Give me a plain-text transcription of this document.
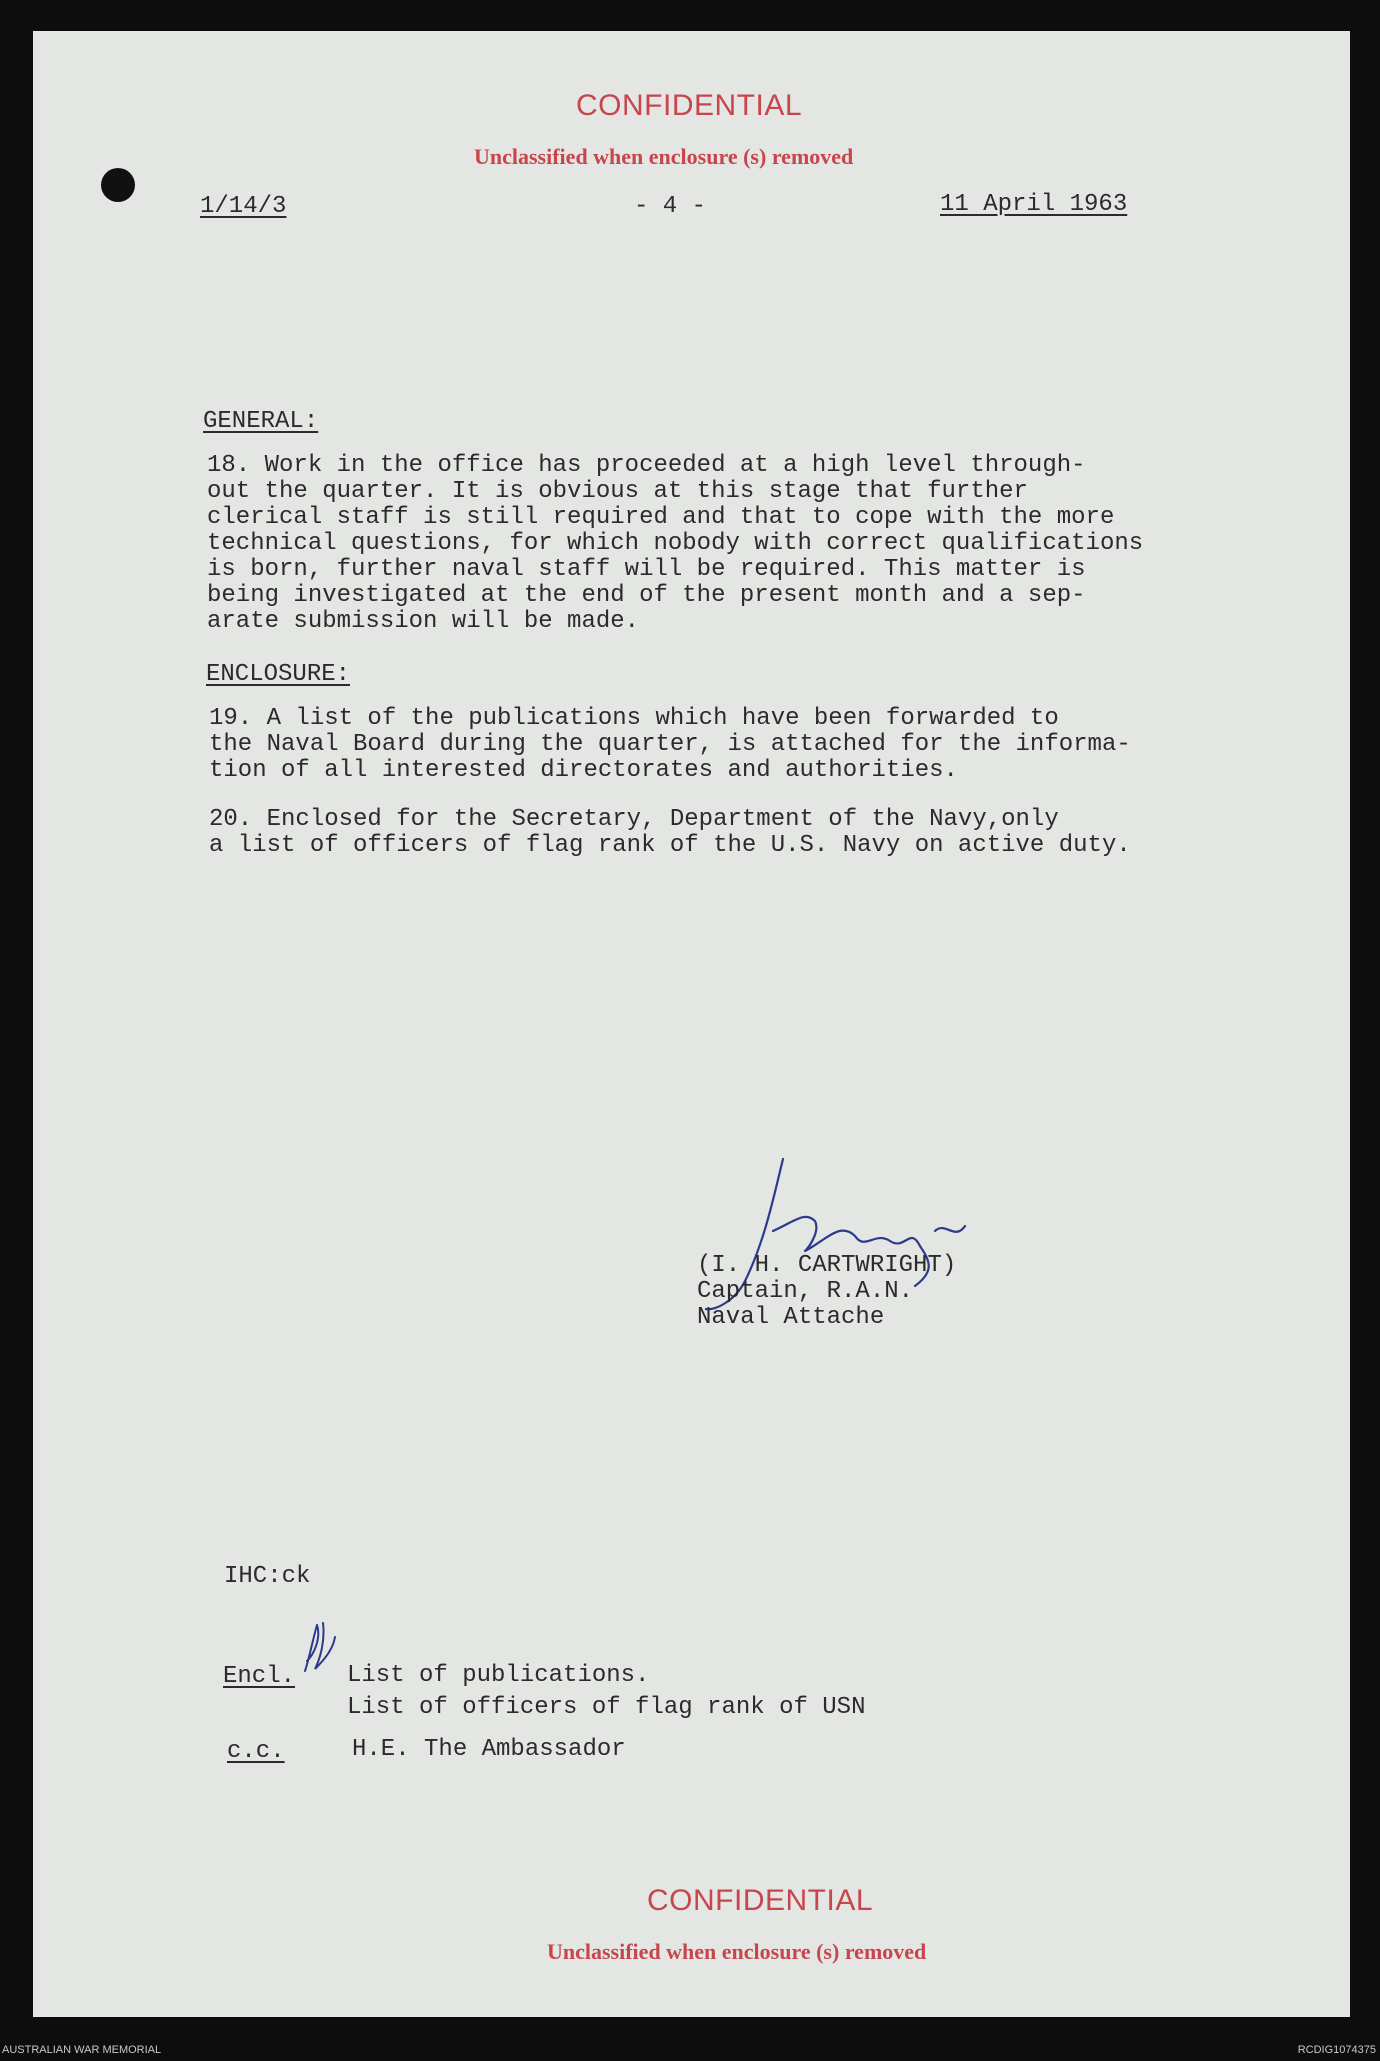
CONFIDENTIAL
Unclassified when enclosure (s) removed
1/14/3	- 4 -	11 April 1963
GENERAL:
18. Work in the office has proceeded at a high level through-
out the quarter. It is obvious at this stage that further
clerical staff is still required and that to cope with the more
technical questions, for which nobody with correct qualifications
is born, further naval staff will be required. This matter is
being investigated at the end of the present month and a sep-
arate submission will be made.
ENCLOSURE:
19. A list of the publications which have been forwarded to
the Naval Board during the quarter, is attached for the informa-
tion of all interested directorates and authorities.
20. Enclosed for the Secretary, Department of the Navy,only
a list of officers of flag rank of the U.S. Navy on active duty.
(I. H. CARTWRIGHT)
Captain, R.A.N.
Naval Attache
IHC:ck
Encl. List of publications.
List of officers of flag rank of USN
c.c.	H.E. The Ambassador
CONFIDENTIAL
Unclassified when enclosure (s) removed
AUSTRALIAN WAR MEMORIAL	RCDIG1074375
